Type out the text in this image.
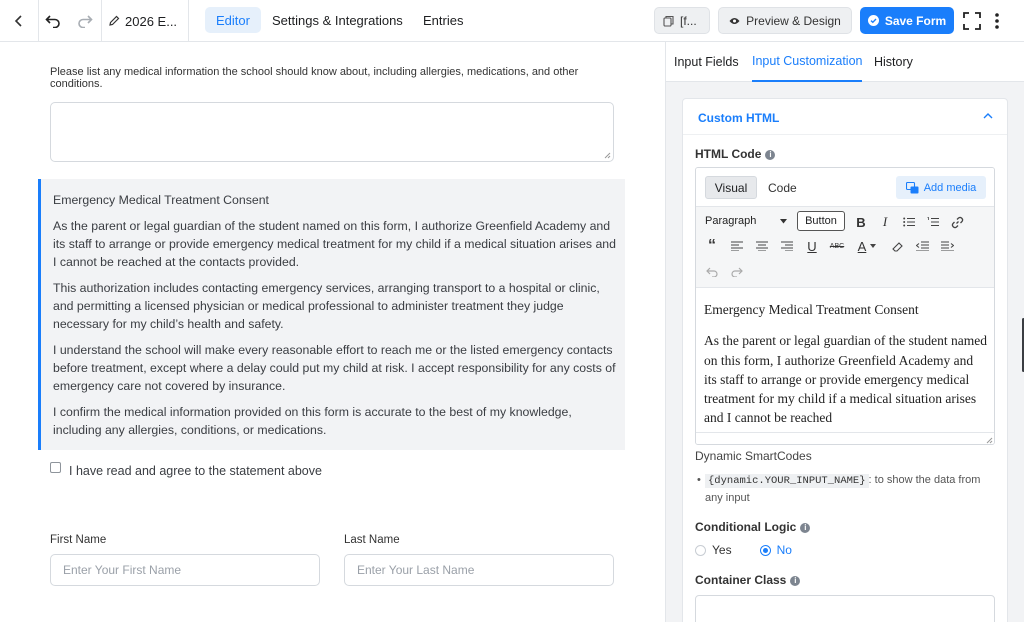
2026 E...	Editor	Settings & Integrations	Entries	[f...	Preview & Design	Save Form
Please list any medical information the school should know about, including allergies, medications, and other conditions.

Emergency Medical Treatment Consent

As the parent or legal guardian of the student named on this form, I authorize Greenfield Academy and its staff to arrange or provide emergency medical treatment for my child if a medical situation arises and I cannot be reached at the contacts provided.

This authorization includes contacting emergency services, arranging transport to a hospital or clinic, and permitting a licensed physician or medical professional to administer treatment they judge necessary for my child’s health and safety.

I understand the school will make every reasonable effort to reach me or the listed emergency contacts before treatment, except where a delay could put my child at risk. I accept responsibility for any costs of emergency care not covered by insurance.

I confirm the medical information provided on this form is accurate to the best of my knowledge, including any allergies, conditions, or medications.

I have read and agree to the statement above
First Name
Enter Your First Name
Last Name
Enter Your Last Name
Input Fields Input Customization History
Custom HTML
HTML Code i
Visual	Code	Add media
Paragraph	Button	B	I
“	U	ABC	A
Emergency Medical Treatment Consent
As the parent or legal guardian of the student named on this form, I authorize Greenfield Academy and its staff to arrange or provide emergency medical treatment for my child if a medical situation arises and I cannot be reached
Dynamic SmartCodes
• {dynamic.YOUR_INPUT_NAME} : to show the data from any input
Conditional Logic i
Yes	No
Container Class i
